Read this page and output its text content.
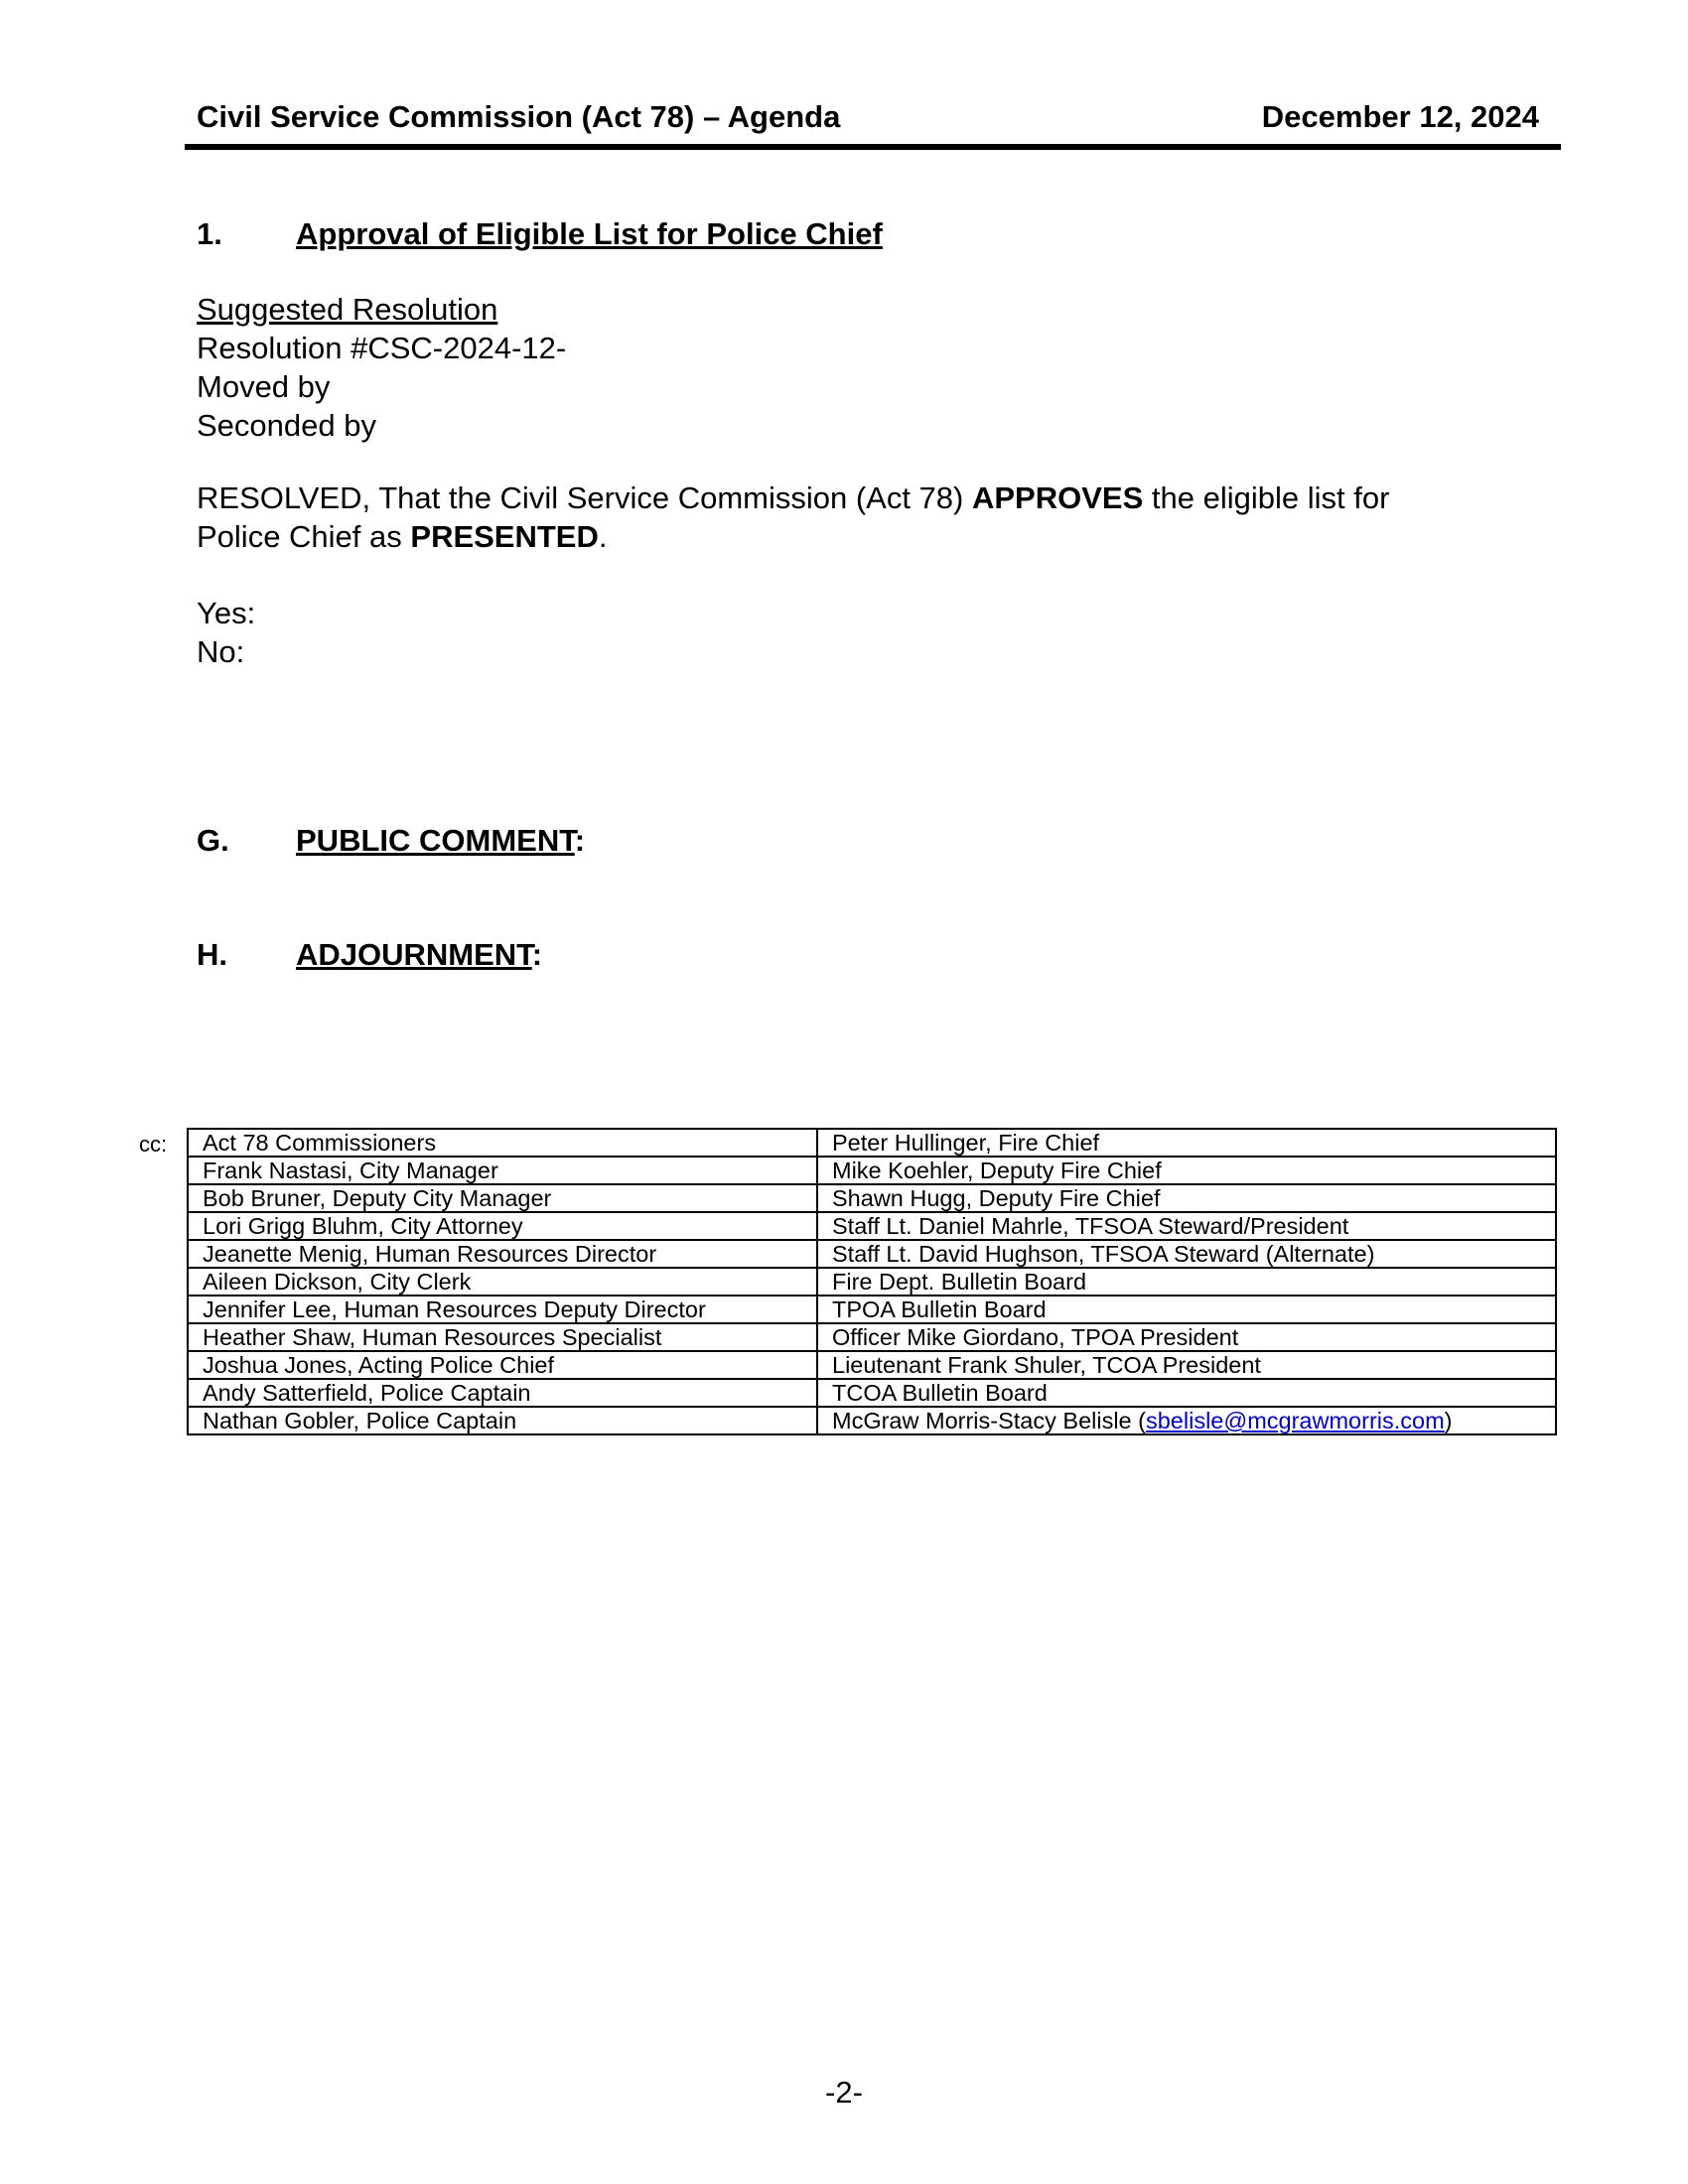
Civil Service Commission (Act 78) – Agenda	December 12, 2024
1. Approval of Eligible List for Police Chief
Suggested Resolution
Resolution #CSC-2024-12-
Moved by
Seconded by
RESOLVED, That the Civil Service Commission (Act 78) APPROVES the eligible list for
Police Chief as PRESENTED.
Yes:
No:
G. PUBLIC COMMENT:
H. ADJOURNMENT:
cc: Act 78 Commissioners	Peter Hullinger, Fire Chief
Frank Nastasi, City Manager	Mike Koehler, Deputy Fire Chief
Bob Bruner, Deputy City Manager	Shawn Hugg, Deputy Fire Chief
Lori Grigg Bluhm, City Attorney	Staff Lt. Daniel Mahrle, TFSOA Steward/President
Jeanette Menig, Human Resources Director	Staff Lt. David Hughson, TFSOA Steward (Alternate)
Aileen Dickson, City Clerk	Fire Dept. Bulletin Board
Jennifer Lee, Human Resources Deputy Director	TPOA Bulletin Board
Heather Shaw, Human Resources Specialist	Officer Mike Giordano, TPOA President
Joshua Jones, Acting Police Chief	Lieutenant Frank Shuler, TCOA President
Andy Satterfield, Police Captain	TCOA Bulletin Board
Nathan Gobler, Police Captain	McGraw Morris-Stacy Belisle (sbelisle@mcgrawmorris.com)
-2-
